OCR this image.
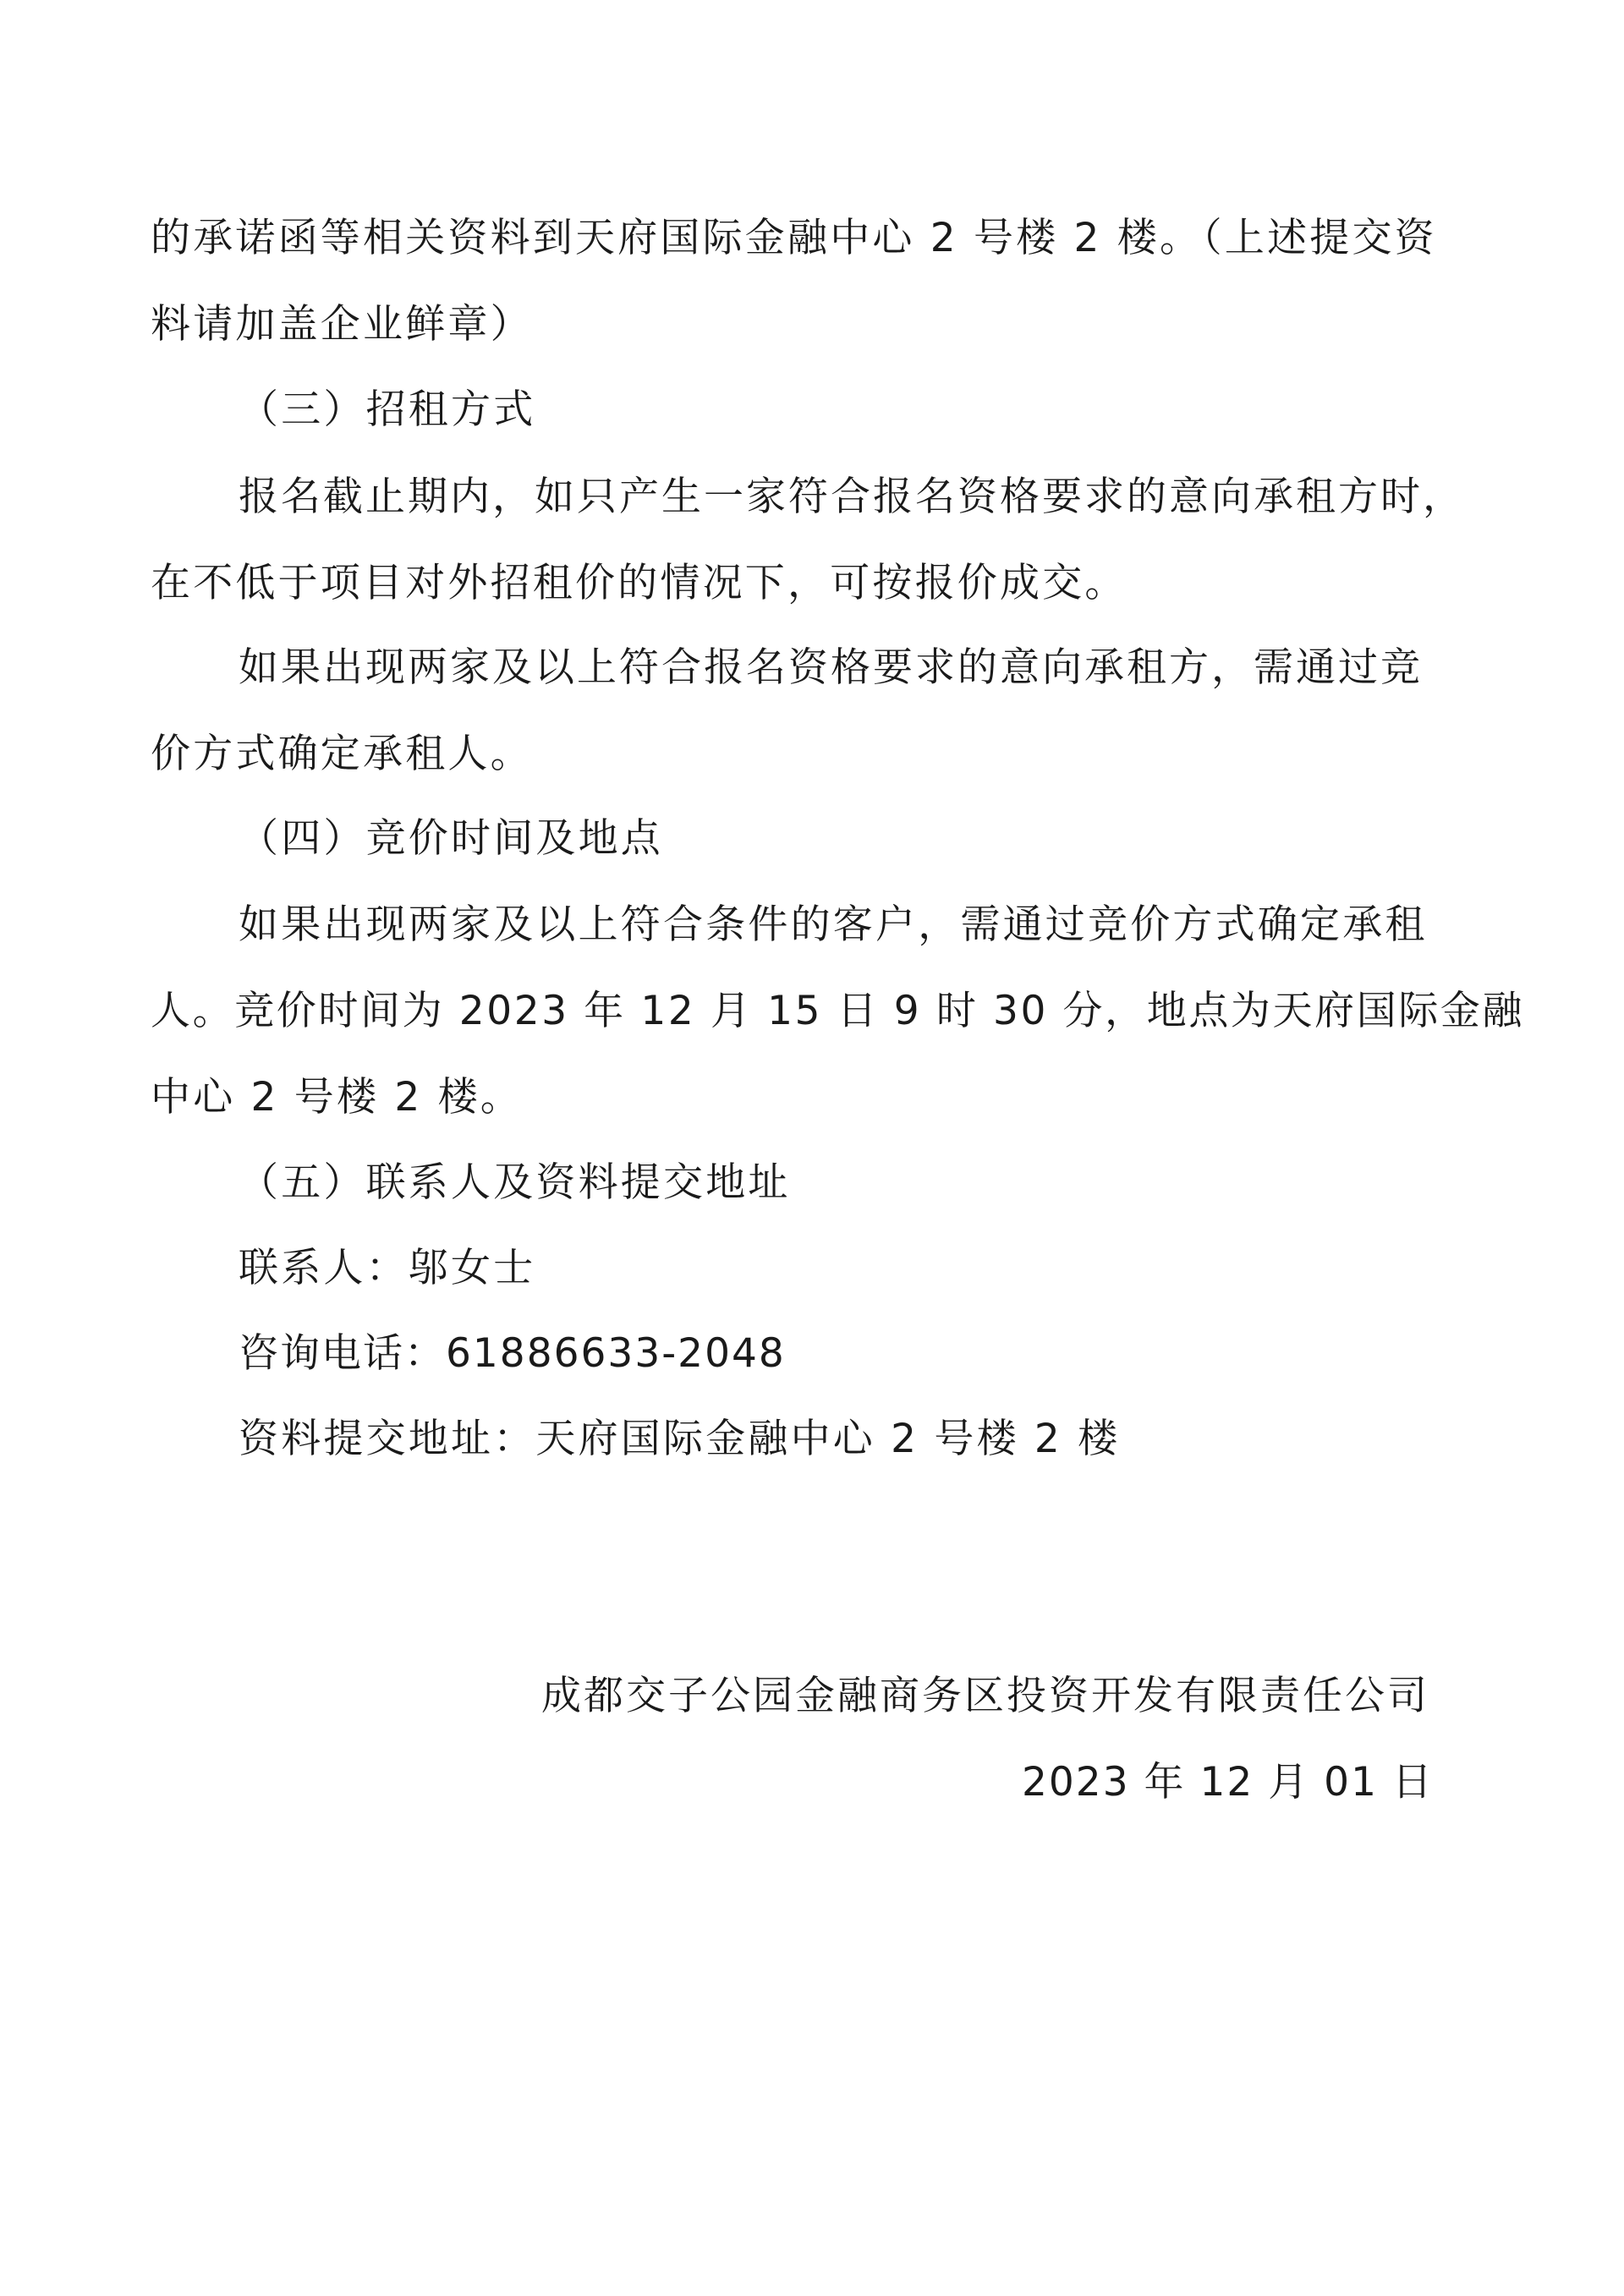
的承诺函等相关资料到天府国际金融中心 2 号楼 2 楼。（上述提交资
料请加盖企业鲜章）
（三）招租方式
报名截止期内，如只产生一家符合报名资格要求的意向承租方时，
在不低于项目对外招租价的情况下，可按报价成交。
如果出现两家及以上符合报名资格要求的意向承租方，需通过竞
价方式确定承租人。
（四）竞价时间及地点
如果出现两家及以上符合条件的客户，需通过竞价方式确定承租
人。竞价时间为 2023 年 12 月 15 日 9 时 30 分，地点为天府国际金融
中心 2 号楼 2 楼。
（五）联系人及资料提交地址
联系人：邬女士
咨询电话：61886633-2048
资料提交地址：天府国际金融中心 2 号楼 2 楼
成都交子公园金融商务区投资开发有限责任公司
2023 年 12 月 01 日
